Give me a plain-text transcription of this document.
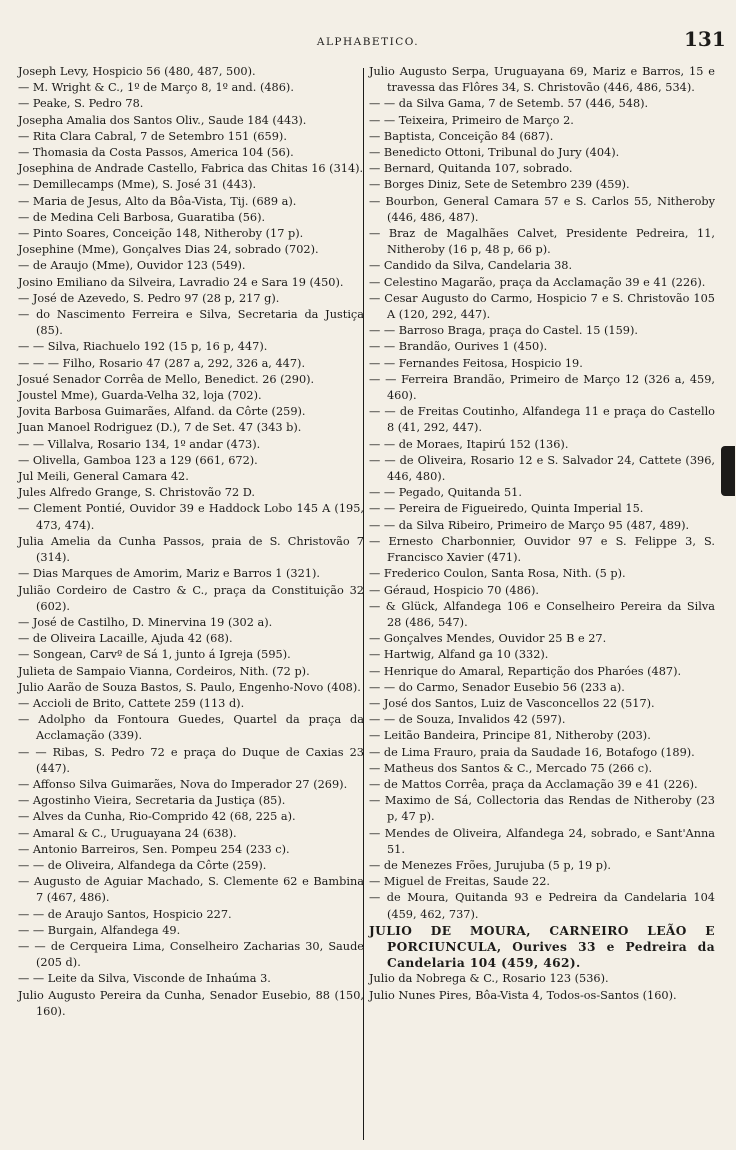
ALPHABETICO.	131
Joseph Levy, Hospicio 56 (480, 487, 500).
— M. Wright & C., 1º de Março 8, 1º and. (486).
— Peake, S. Pedro 78.
Josepha Amalia dos Santos Oliv., Saude 184 (443).
— Rita Clara Cabral, 7 de Setembro 151 (659).
— Thomasia da Costa Passos, America 104 (56).
Josephina de Andrade Castello, Fabrica das Chitas 16 (314).
— Demillecamps (Mme), S. José 31 (443).
— Maria de Jesus, Alto da Bôa-Vista, Tij. (689 a).
— de Medina Celi Barbosa, Guaratiba (56).
— Pinto Soares, Conceição 148, Nitheroby (17 p).
Josephine (Mme), Gonçalves Dias 24, sobrado (702).
— de Araujo (Mme), Ouvidor 123 (549).
Josino Emiliano da Silveira, Lavradio 24 e Sara 19 (450).
— José de Azevedo, S. Pedro 97 (28 p, 217 g).
— do Nascimento Ferreira e Silva, Secretaria da Justiça (85).
— — Silva, Riachuelo 192 (15 p, 16 p, 447).
— — — Filho, Rosario 47 (287 a, 292, 326 a, 447).
Josué Senador Corrêa de Mello, Benedict. 26 (290).
Joustel Mme), Guarda-Velha 32, loja (702).
Jovita Barbosa Guimarães, Alfand. da Côrte (259).
Juan Manoel Rodriguez (D.), 7 de Set. 47 (343 b).
— — Villalva, Rosario 134, 1º andar (473).
— Olivella, Gamboa 123 a 129 (661, 672).
Jul Meili, General Camara 42.
Jules Alfredo Grange, S. Christovão 72 D.
— Clement Pontié, Ouvidor 39 e Haddock Lobo 145 A (195, 473, 474).
Julia Amelia da Cunha Passos, praia de S. Christovão 7 (314).
— Dias Marques de Amorim, Mariz e Barros 1 (321).
Julião Cordeiro de Castro & C., praça da Constituição 32 (602).
— José de Castilho, D. Minervina 19 (302 a).
— de Oliveira Lacaille, Ajuda 42 (68).
— Songean, Carvº de Sá 1, junto á Igreja (595).
Julieta de Sampaio Vianna, Cordeiros, Nith. (72 p).
Julio Aarão de Souza Bastos, S. Paulo, Engenho-Novo (408).
— Accioli de Brito, Cattete 259 (113 d).
— Adolpho da Fontoura Guedes, Quartel da praça da Acclamação (339).
— — Ribas, S. Pedro 72 e praça do Duque de Caxias 23 (447).
— Affonso Silva Guimarães, Nova do Imperador 27 (269).
— Agostinho Vieira, Secretaria da Justiça (85).
— Alves da Cunha, Rio-Comprido 42 (68, 225 a).
— Amaral & C., Uruguayana 24 (638).
— Antonio Barreiros, Sen. Pompeu 254 (233 c).
— — de Oliveira, Alfandega da Côrte (259).
— Augusto de Aguiar Machado, S. Clemente 62 e Bambina 7 (467, 486).
— — de Araujo Santos, Hospicio 227.
— — Burgain, Alfandega 49.
— — de Cerqueira Lima, Conselheiro Zacharias 30, Saude (205 d).
— — Leite da Silva, Visconde de Inhaúma 3.
Julio Augusto Pereira da Cunha, Senador Eusebio, 88 (150, 160).
Julio Augusto Serpa, Uruguayana 69, Mariz e Barros, 15 e travessa das Flôres 34, S. Christovão (446, 486, 534).
— — da Silva Gama, 7 de Setemb. 57 (446, 548).
— — Teixeira, Primeiro de Março 2.
— Baptista, Conceição 84 (687).
— Benedicto Ottoni, Tribunal do Jury (404).
— Bernard, Quitanda 107, sobrado.
— Borges Diniz, Sete de Setembro 239 (459).
— Bourbon, General Camara 57 e S. Carlos 55, Nitheroby (446, 486, 487).
— Braz de Magalhães Calvet, Presidente Pedreira, 11, Nitheroby (16 p, 48 p, 66 p).
— Candido da Silva, Candelaria 38.
— Celestino Magarão, praça da Acclamação 39 e 41 (226).
— Cesar Augusto do Carmo, Hospicio 7 e S. Christovão 105 A (120, 292, 447).
— — Barroso Braga, praça do Castel. 15 (159).
— — Brandão, Ourives 1 (450).
— — Fernandes Feitosa, Hospicio 19.
— — Ferreira Brandão, Primeiro de Março 12 (326 a, 459, 460).
— — de Freitas Coutinho, Alfandega 11 e praça do Castello 8 (41, 292, 447).
— — de Moraes, Itapirú 152 (136).
— — de Oliveira, Rosario 12 e S. Salvador 24, Cattete (396, 446, 480).
— — Pegado, Quitanda 51.
— — Pereira de Figueiredo, Quinta Imperial 15.
— — da Silva Ribeiro, Primeiro de Março 95 (487, 489).
— Ernesto Charbonnier, Ouvidor 97 e S. Felippe 3, S. Francisco Xavier (471).
— Frederico Coulon, Santa Rosa, Nith. (5 p).
— Géraud, Hospicio 70 (486).
— & Glück, Alfandega 106 e Conselheiro Pereira da Silva 28 (486, 547).
— Gonçalves Mendes, Ouvidor 25 B e 27.
— Hartwig, Alfand ga 10 (332).
— Henrique do Amaral, Repartição dos Pharóes (487).
— — do Carmo, Senador Eusebio 56 (233 a).
— José dos Santos, Luiz de Vasconcellos 22 (517).
— — de Souza, Invalidos 42 (597).
— Leitão Bandeira, Principe 81, Nitheroby (203).
— de Lima Frauro, praia da Saudade 16, Botafogo (189).
— Matheus dos Santos & C., Mercado 75 (266 c).
— de Mattos Corrêa, praça da Acclamação 39 e 41 (226).
— Maximo de Sá, Collectoria das Rendas de Nitheroby (23 p, 47 p).
— Mendes de Oliveira, Alfandega 24, sobrado, e Sant'Anna 51.
— de Menezes Frões, Jurujuba (5 p, 19 p).
— Miguel de Freitas, Saude 22.
— de Moura, Quitanda 93 e Pedreira da Candelaria 104 (459, 462, 737).
JULIO DE MOURA, CARNEIRO LEÃO E PORCIUNCULA, Ourives 33 e Pedreira da Candelaria 104 (459, 462).
Julio da Nobrega & C., Rosario 123 (536).
Julio Nunes Pires, Bôa-Vista 4, Todos-os-Santos (160).
